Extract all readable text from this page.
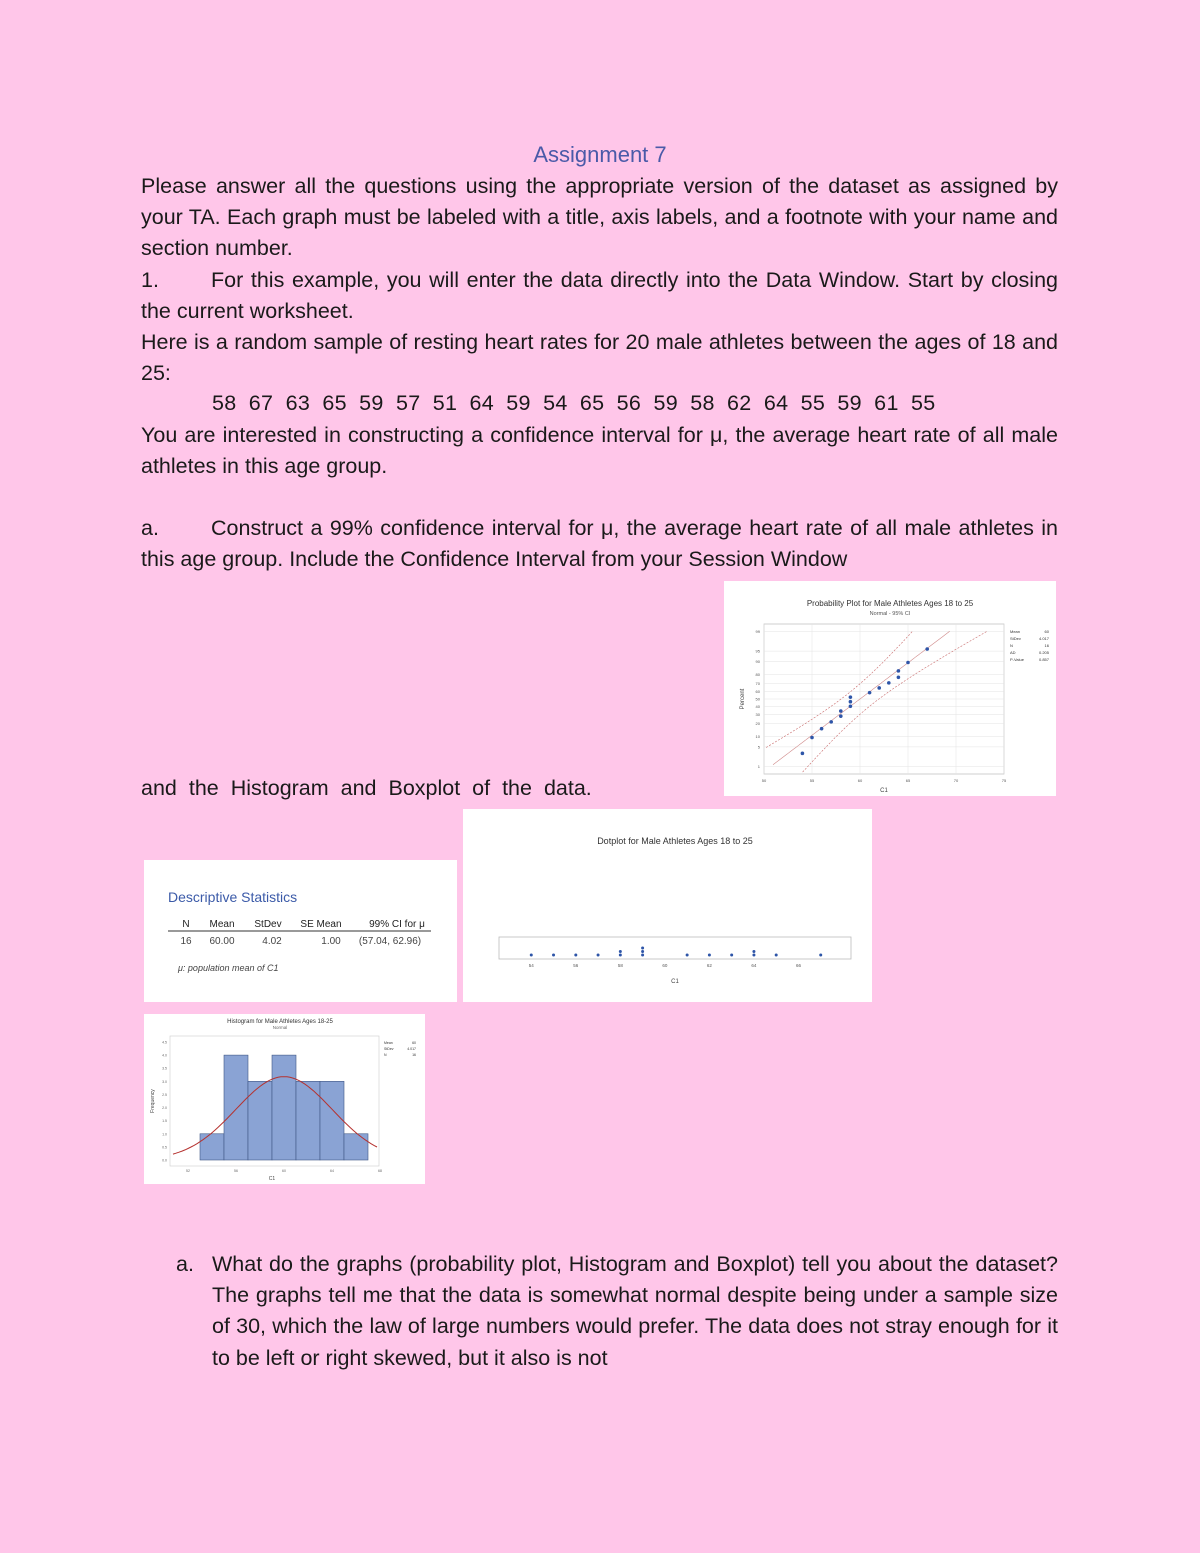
Assignment 7
Please answer all the questions using the appropriate version of the dataset as assigned by your TA. Each graph must be labeled with a title, axis labels, and a footnote with your name and section number.
1. For this example, you will enter the data directly into the Data Window. Start by closing the current worksheet.
Here is a random sample of resting heart rates for 20 male athletes between the ages of 18 and 25:
58 67 63 65 59 57 51 64 59 54 65 56 59 58 62 64 55 59 61 55
You are interested in constructing a confidence interval for μ, the average heart rate of all male athletes in this age group.
a. Construct a 99% confidence interval for μ, the average heart rate of all male athletes in this age group. Include the Confidence Interval from your Session Window
and the Histogram and Boxplot of the data.
Probability Plot for Male Athletes Ages 18 to 25
Normal - 95% CI
99
95
90
80
70
60
50
40
30
20
10
5
1
50	55	60	65	70	75
Percent
C1
Mean	60
StDev	4.017
N	16
AD	0.205
P-Value	0.857
Dotplot for Male Athletes Ages 18 to 25
54	56	58	60	62	64	66
C1
Descriptive Statistics
N Mean StDev SE Mean	99% CI for μ
16 60.00	4.02	1.00 (57.04, 62.96)
μ: population mean of C1
Histogram for Male Athletes Ages 18-25
Normal
0.0
0.5
1.0
1.5
2.0
2.5
3.0
3.5
4.0
4.5
52	56	60	64	68
Frequency
C1
Mean	60
StDev	4.017
N	16
a. What do the graphs (probability plot, Histogram and Boxplot) tell you about the dataset? The graphs tell me that the data is somewhat normal despite being under a sample size of 30, which the law of large numbers would prefer. The data does not stray enough for it to be left or right skewed, but it also is not
